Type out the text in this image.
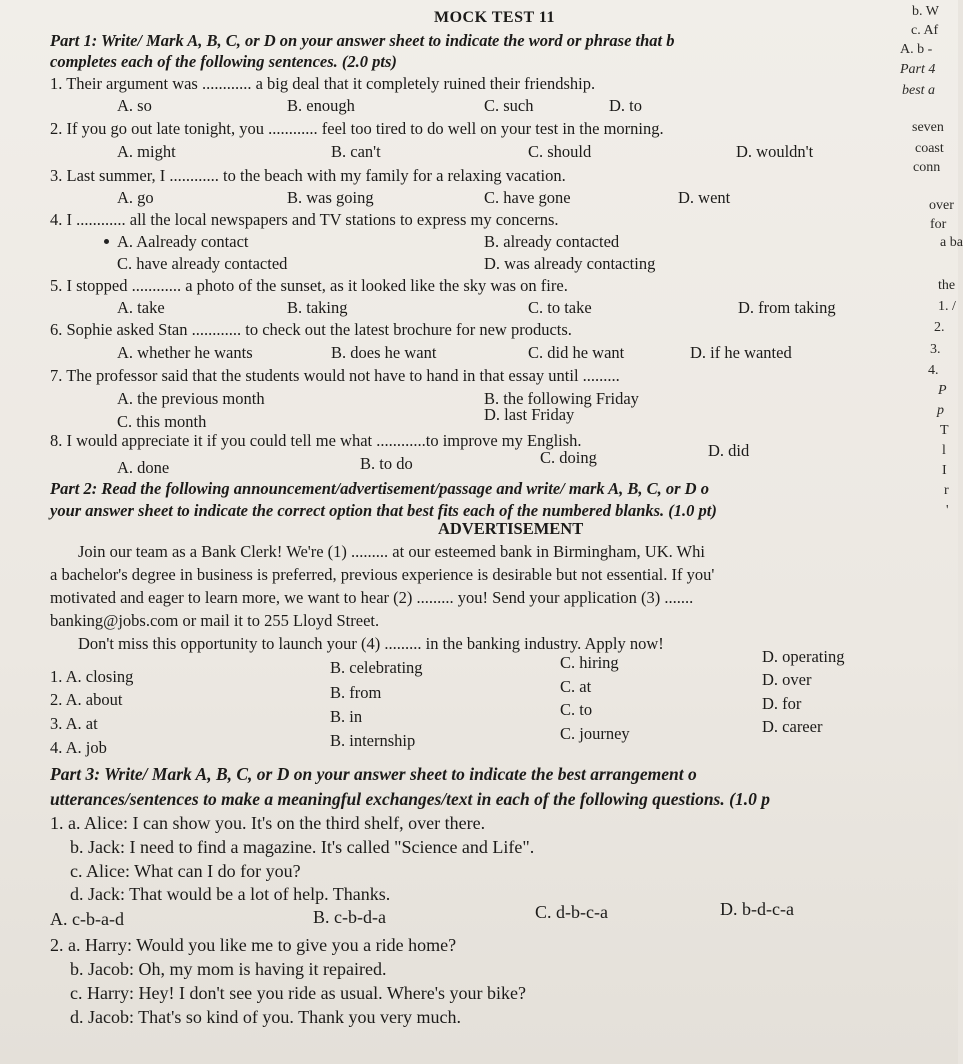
MOCK TEST 11
Part 1: Write/ Mark A, B, C, or D on your answer sheet to indicate the word or phrase that b
completes each of the following sentences. (2.0 pts)
1. Their argument was ............ a big deal that it completely ruined their friendship.
A. so	B. enough	C. such	D. to
2. If you go out late tonight, you ............ feel too tired to do well on your test in the morning.
A. might	B. can't	C. should	D. wouldn't
3. Last summer, I ............ to the beach with my family for a relaxing vacation.
A. go	B. was going	C. have gone	D. went
4. I ............ all the local newspapers and TV stations to express my concerns.
A. Aalready contact	B. already contacted
C. have already contacted	D. was already contacting
5. I stopped ............ a photo of the sunset, as it looked like the sky was on fire.
A. take	B. taking	C. to take	D. from taking
6. Sophie asked Stan ............ to check out the latest brochure for new products.
A. whether he wants	B. does he want	C. did he want	D. if he wanted
7. The professor said that the students would not have to hand in that essay until .........
A. the previous month	B. the following Friday
C. this month	D. last Friday
8. I would appreciate it if you could tell me what ............to improve my English.
A. done	B. to do	C. doing	D. did
Part 2: Read the following announcement/advertisement/passage and write/ mark A, B, C, or D o
your answer sheet to indicate the correct option that best fits each of the numbered blanks. (1.0 pt)
ADVERTISEMENT
Join our team as a Bank Clerk! We're (1) ......... at our esteemed bank in Birmingham, UK. Whi
a bachelor's degree in business is preferred, previous experience is desirable but not essential. If you'
motivated and eager to learn more, we want to hear (2) ......... you! Send your application (3) .......
banking@jobs.com or mail it to 255 Lloyd Street.
Don't miss this opportunity to launch your (4) ......... in the banking industry. Apply now!
1. A. closing	B. celebrating	C. hiring	D. operating
2. A. about	B. from	C. at	D. over
3. A. at	B. in	C. to	D. for
4. A. job	B. internship	C. journey	D. career
Part 3: Write/ Mark A, B, C, or D on your answer sheet to indicate the best arrangement o
utterances/sentences to make a meaningful exchanges/text in each of the following questions. (1.0 p
1. a. Alice: I can show you. It's on the third shelf, over there.
b. Jack: I need to find a magazine. It's called "Science and Life".
c. Alice: What can I do for you?
d. Jack: That would be a lot of help. Thanks.
A. c-b-a-d	B. c-b-d-a	C. d-b-c-a	D. b-d-c-a
2. a. Harry: Would you like me to give you a ride home?
b. Jacob: Oh, my mom is having it repaired.
c. Harry: Hey! I don't see you ride as usual. Where's your bike?
d. Jacob: That's so kind of you. Thank you very much.
b. W
c. Af
A. b -
Part 4
best a
seven
coast
conn
over
for
a ba
the
1. /
2.
3.
4.
P
p
T
l
I
r
'
